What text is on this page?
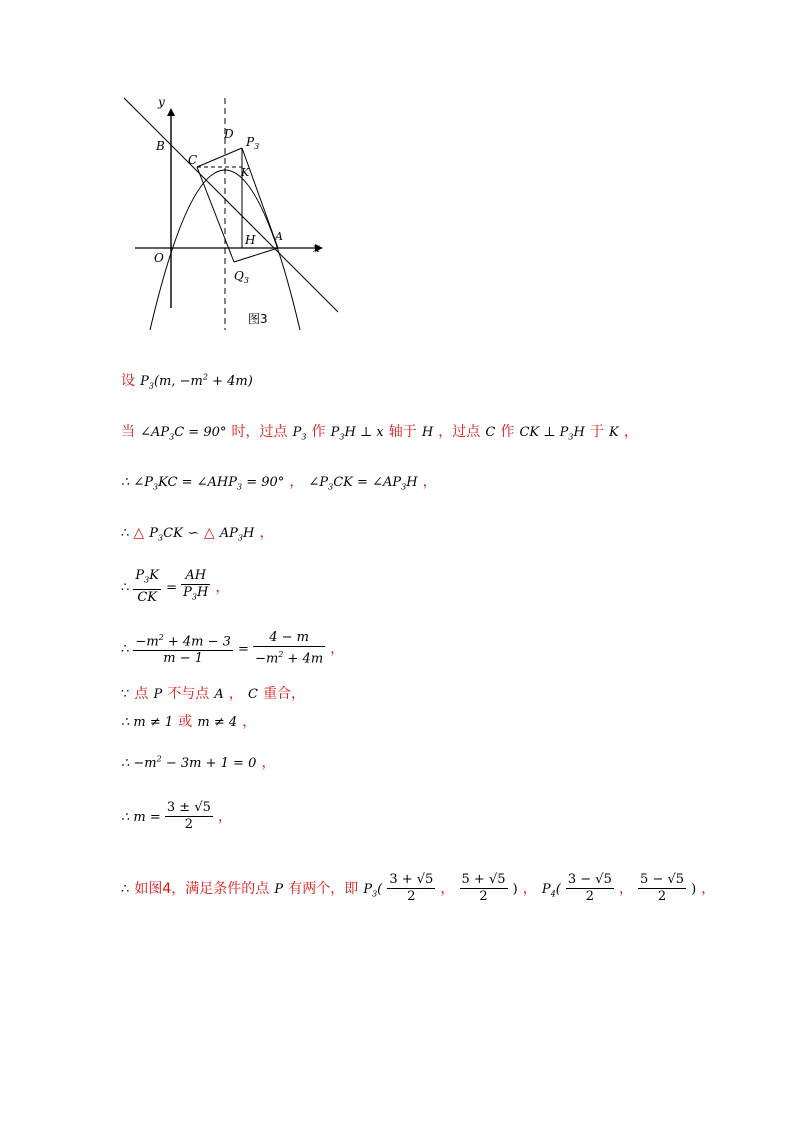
y
x
B
D
$P_3$
C
K
O
H A
$Q_3$
图3
设 $P_3(m$, $-m^2 + 4m$)
当 $\angle AP_3C = 90^\circ$ 时，过点 $P_3$ 作 $P_3H$ ⊥ x 轴于 H ，过点 C 作 CK ⊥ $P_3H$ 于 K ，
∴ $\angle P_3KC$ = $\angle AHP_3 = 90^\circ$ ， $\angle P_3CK$ = $\angle AP_3H$ ，
∴ △ $P_3CK$ ∽ △ $AP_3H$ ，
∴ $\frac{P_3K}{CK} = \frac{AH}{P_3H}$ ，
∴ $\frac{-m^2 + 4m - 3}{m - 1} = \frac{4 - m}{-m^2 + 4m}$ ，
∵ 点 P 不与点 A ， C 重合，
∴ m ≠ 1 或 m ≠ 4 ，
∴ $-m^2 - 3m + 1 = 0$ ，
∴ $m = \frac{3 \pm √5}{2}$ ，
∴ 如图4，满足条件的点 P 有两个，即 $P_3( \frac{3 + √5}{2}$ ， $\frac{5 + √5}{2}$ ) ， $P_4( \frac{3 - √5}{2}$ ， $\frac{5 - √5}{2}$ ) ，
